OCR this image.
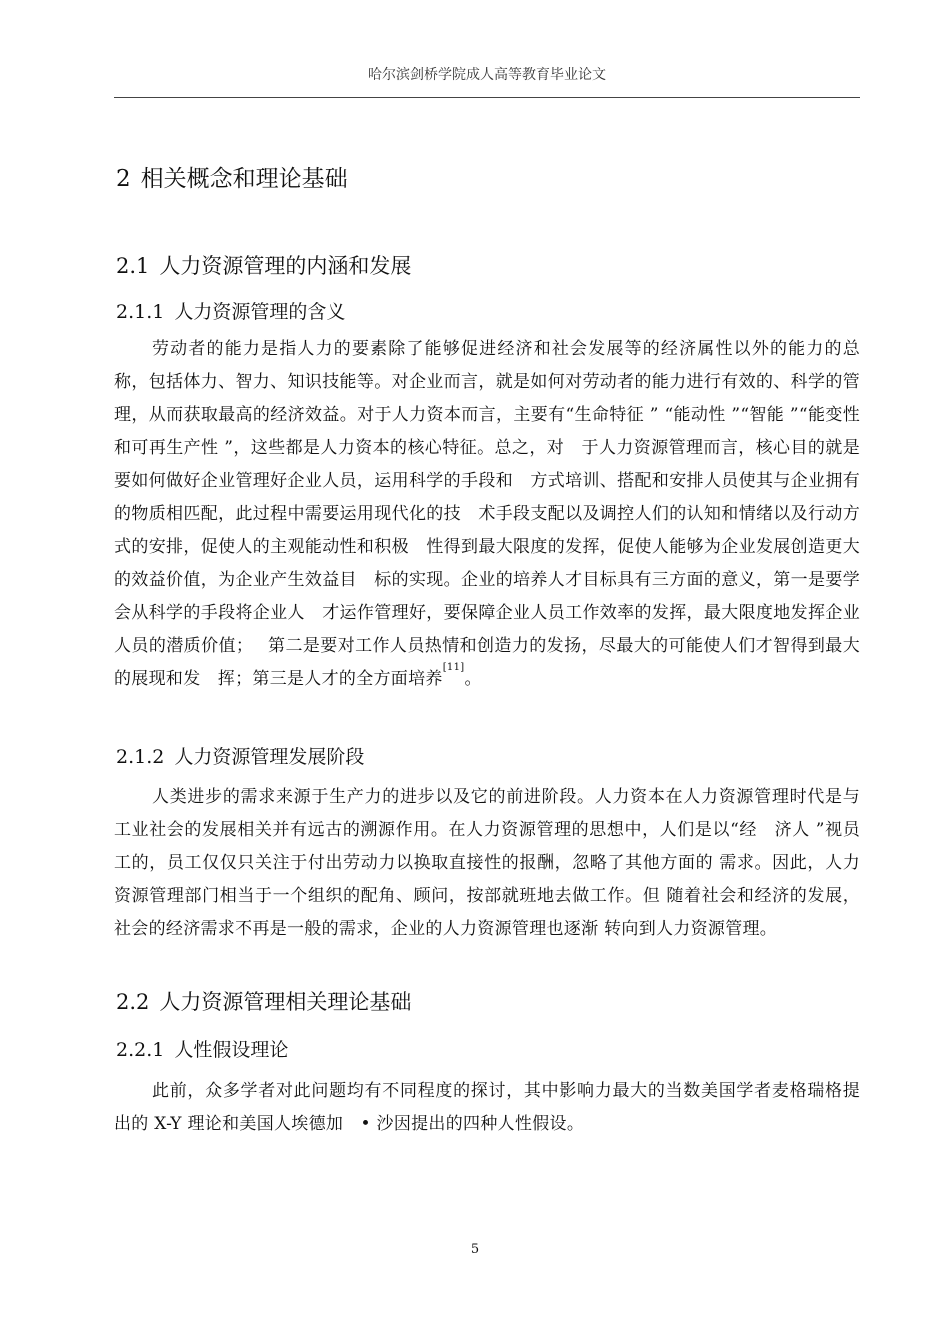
哈尔滨剑桥学院成人高等教育毕业论文
2 相关概念和理论基础
2.1 人力资源管理的内涵和发展
2.1.1 人力资源管理的含义

劳动者的能力是指人力的要素除了能够促进经济和社会发展等的经济属性以外的能力的总称，包括体力、智力、知识技能等。对企业而言，就是如何对劳动者的能力进行有效的、科学的管理，从而获取最高的经济效益。对于人力资本而言，主要有“生命特征 ” “能动性 ”“智能 ”“能变性和可再生产性 ”，这些都是人力资本的核心特征。总之，对　于人力资源管理而言，核心目的就是要如何做好企业管理好企业人员，运用科学的手段和　方式培训、搭配和安排人员使其与企业拥有的物质相匹配，此过程中需要运用现代化的技　术手段支配以及调控人们的认知和情绪以及行动方式的安排，促使人的主观能动性和积极　性得到最大限度的发挥，促使人能够为企业发展创造更大的效益价值，为企业产生效益目　标的实现。企业的培养人才目标具有三方面的意义，第一是要学会从科学的手段将企业人　才运作管理好，要保障企业人员工作效率的发挥，最大限度地发挥企业人员的潜质价值；　 第二是要对工作人员热情和创造力的发扬，尽最大的可能使人们才智得到最大的展现和发　挥；第三是人才的全方面培养[11]。

2.1.2 人力资源管理发展阶段

人类进步的需求来源于生产力的进步以及它的前进阶段。人力资本在人力资源管理时代是与工业社会的发展相关并有远古的溯源作用。在人力资源管理的思想中，人们是以“经　济人 ”视员工的，员工仅仅只关注于付出劳动力以换取直接性的报酬，忽略了其他方面的 需求。因此，人力资源管理部门相当于一个组织的配角、顾问，按部就班地去做工作。但 随着社会和经济的发展，社会的经济需求不再是一般的需求，企业的人力资源管理也逐渐 转向到人力资源管理。

2.2 人力资源管理相关理论基础
2.2.1 人性假设理论

此前，众多学者对此问题均有不同程度的探讨，其中影响力最大的当数美国学者麦格瑞格提出的 X-Y 理论和美国人埃德加　• 沙因提出的四种人性假设。

5
